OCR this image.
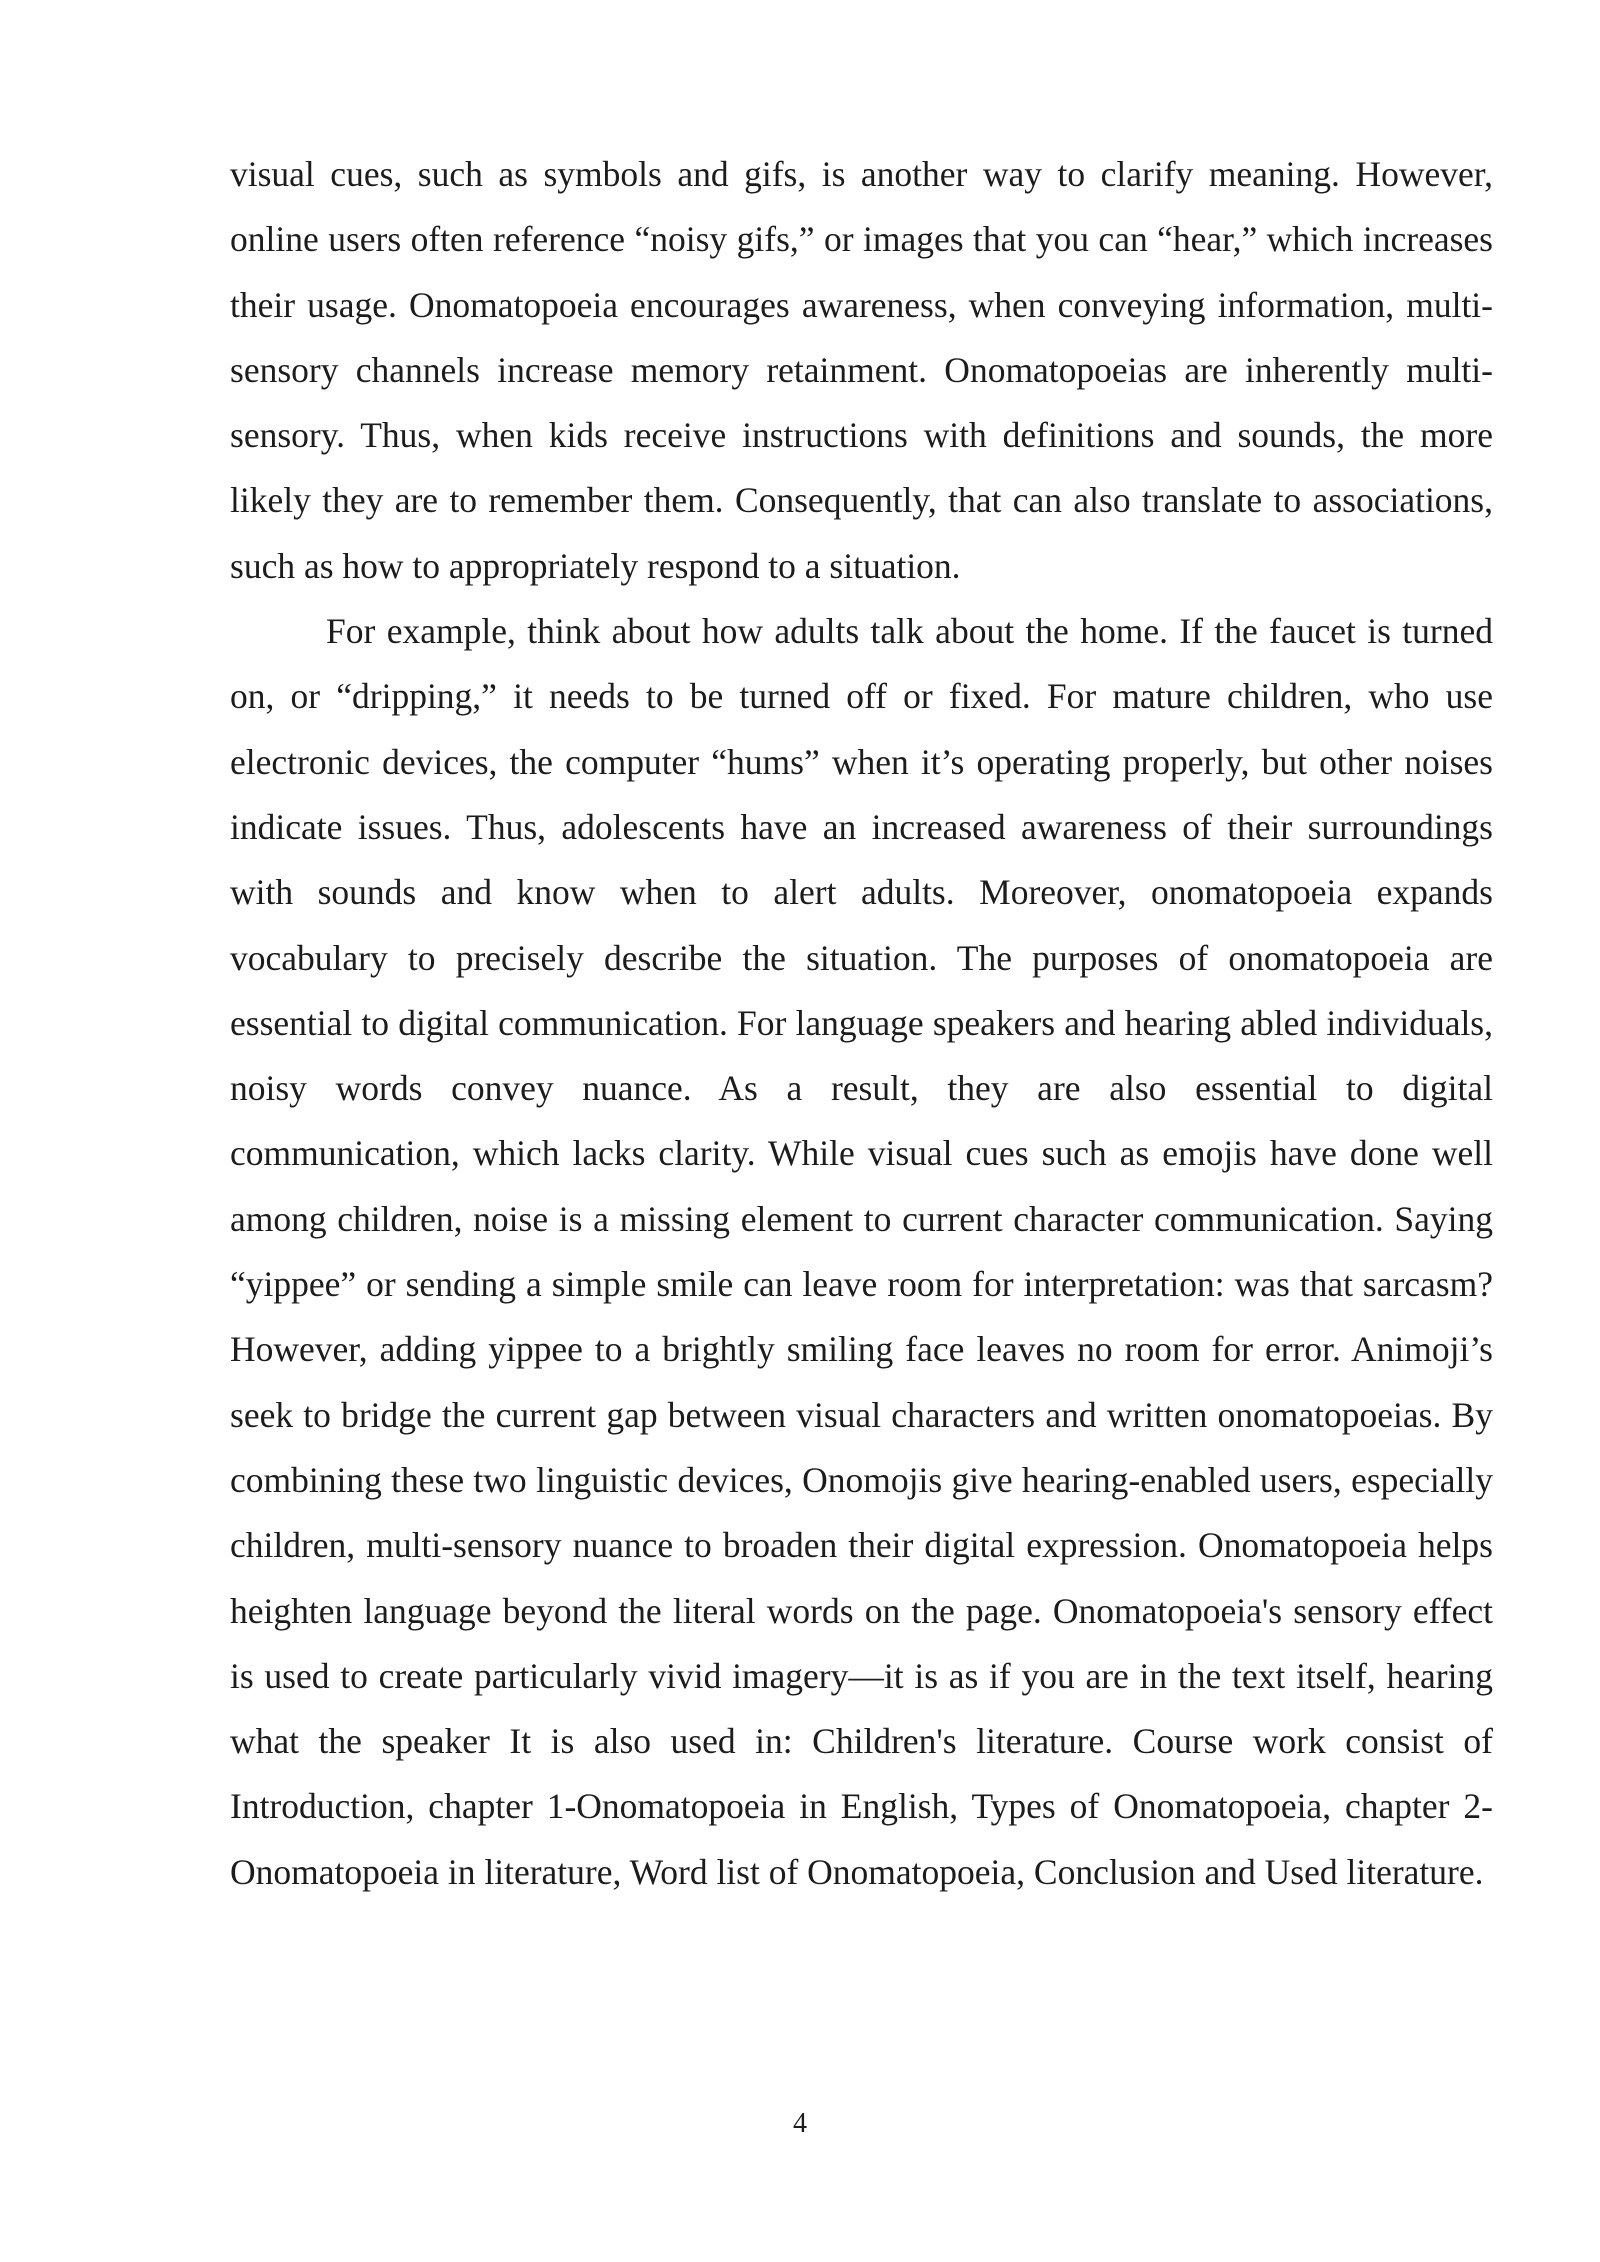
visual cues, such as symbols and gifs, is another way to clarify meaning. However, online users often reference “noisy gifs,” or images that you can “hear,” which increases their usage. Onomatopoeia encourages awareness, when conveying information, multi-sensory channels increase memory retainment. Onomatopoeias are inherently multi-sensory. Thus, when kids receive instructions with definitions and sounds, the more likely they are to remember them. Consequently, that can also translate to associations, such as how to appropriately respond to a situation.

For example, think about how adults talk about the home. If the faucet is turned on, or “dripping,” it needs to be turned off or fixed. For mature children, who use electronic devices, the computer “hums” when it’s operating properly, but other noises indicate issues. Thus, adolescents have an increased awareness of their surroundings with sounds and know when to alert adults. Moreover, onomatopoeia expands vocabulary to precisely describe the situation. The purposes of onomatopoeia are essential to digital communication. For language speakers and hearing abled individuals, noisy words convey nuance. As a result, they are also essential to digital communication, which lacks clarity. While visual cues such as emojis have done well among children, noise is a missing element to current character communication. Saying “yippee” or sending a simple smile can leave room for interpretation: was that sarcasm? However, adding yippee to a brightly smiling face leaves no room for error. Animoji’s seek to bridge the current gap between visual characters and written onomatopoeias. By combining these two linguistic devices, Onomojis give hearing-enabled users, especially children, multi-sensory nuance to broaden their digital expression. Onomatopoeia helps heighten language beyond the literal words on the page. Onomatopoeia's sensory effect is used to create particularly vivid imagery—it is as if you are in the text itself, hearing what the speaker It is also used in: Children's literature. Course work consist of Introduction, chapter 1-Onomatopoeia in English, Types of Onomatopoeia, chapter 2-Onomatopoeia in literature, Word list of Onomatopoeia, Conclusion and Used literature.

4
